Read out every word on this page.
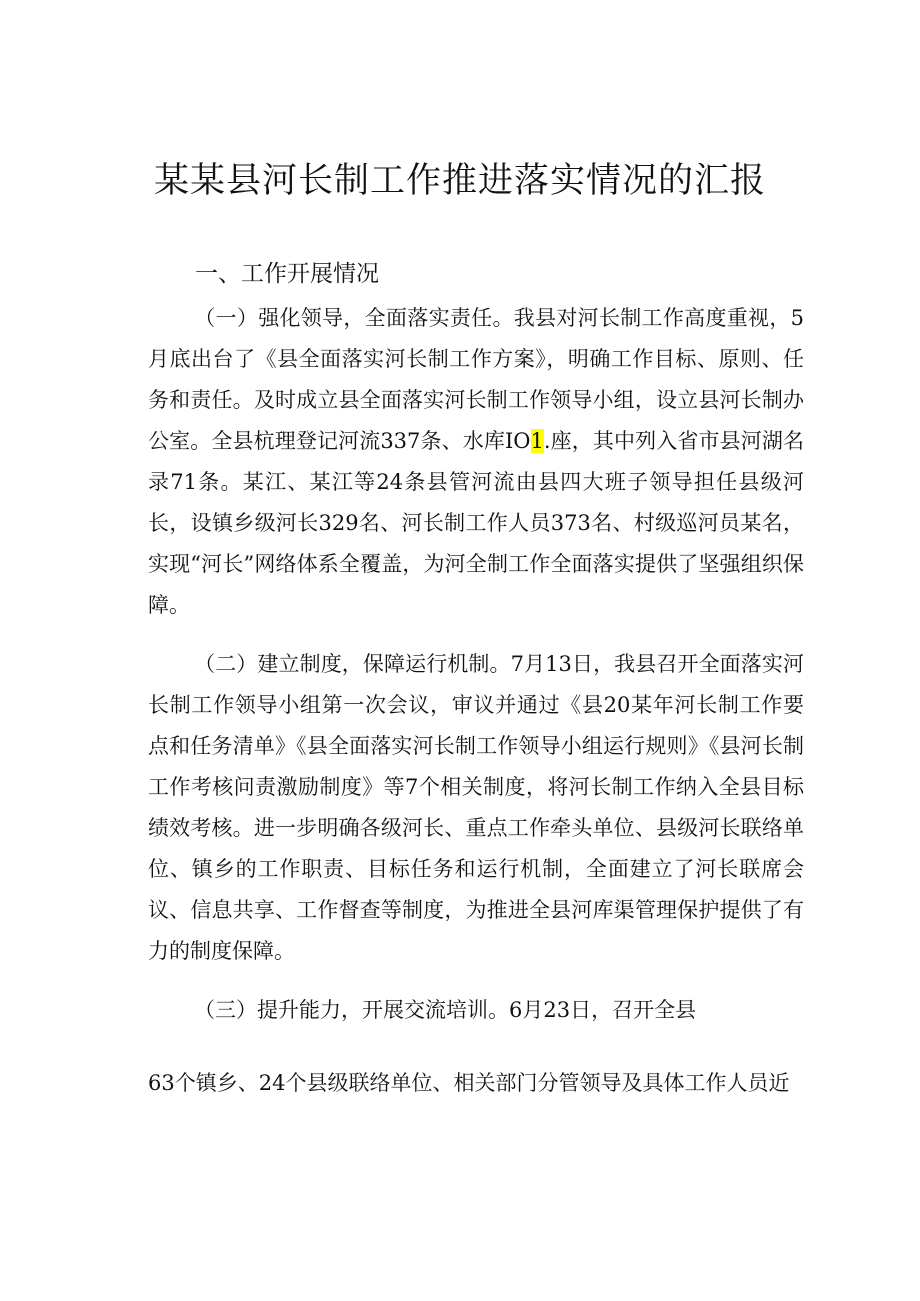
某某县河长制工作推进落实情况的汇报
一、工作开展情况

（一）强化领导，全面落实责任。我县对河长制工作高度重视，5月底出台了《县全面落实河长制工作方案》，明确工作目标、原则、任务和责任。及时成立县全面落实河长制工作领导小组，设立县河长制办公室。全县杭理登记河流337条、水库IO1.座，其中列入省市县河湖名录71条。某江、某江等24条县管河流由县四大班子领导担任县级河长，设镇乡级河长329名、河长制工作人员373名、村级巡河员某名，实现“河长”网络体系全覆盖，为河全制工作全面落实提供了坚强组织保障。

（二）建立制度，保障运行机制。7月13日，我县召开全面落实河长制工作领导小组第一次会议，审议并通过《县20某年河长制工作要点和任务清单》《县全面落实河长制工作领导小组运行规则》《县河长制工作考核问责激励制度》等7个相关制度，将河长制工作纳入全县目标绩效考核。进一步明确各级河长、重点工作牵头单位、县级河长联络单位、镇乡的工作职责、目标任务和运行机制，全面建立了河长联席会议、信息共享、工作督查等制度，为推进全县河库渠管理保护提供了有力的制度保障。

（三）提升能力，开展交流培训。6月23日，召开全县

63个镇乡、24个县级联络单位、相关部门分管领导及具体工作人员近
